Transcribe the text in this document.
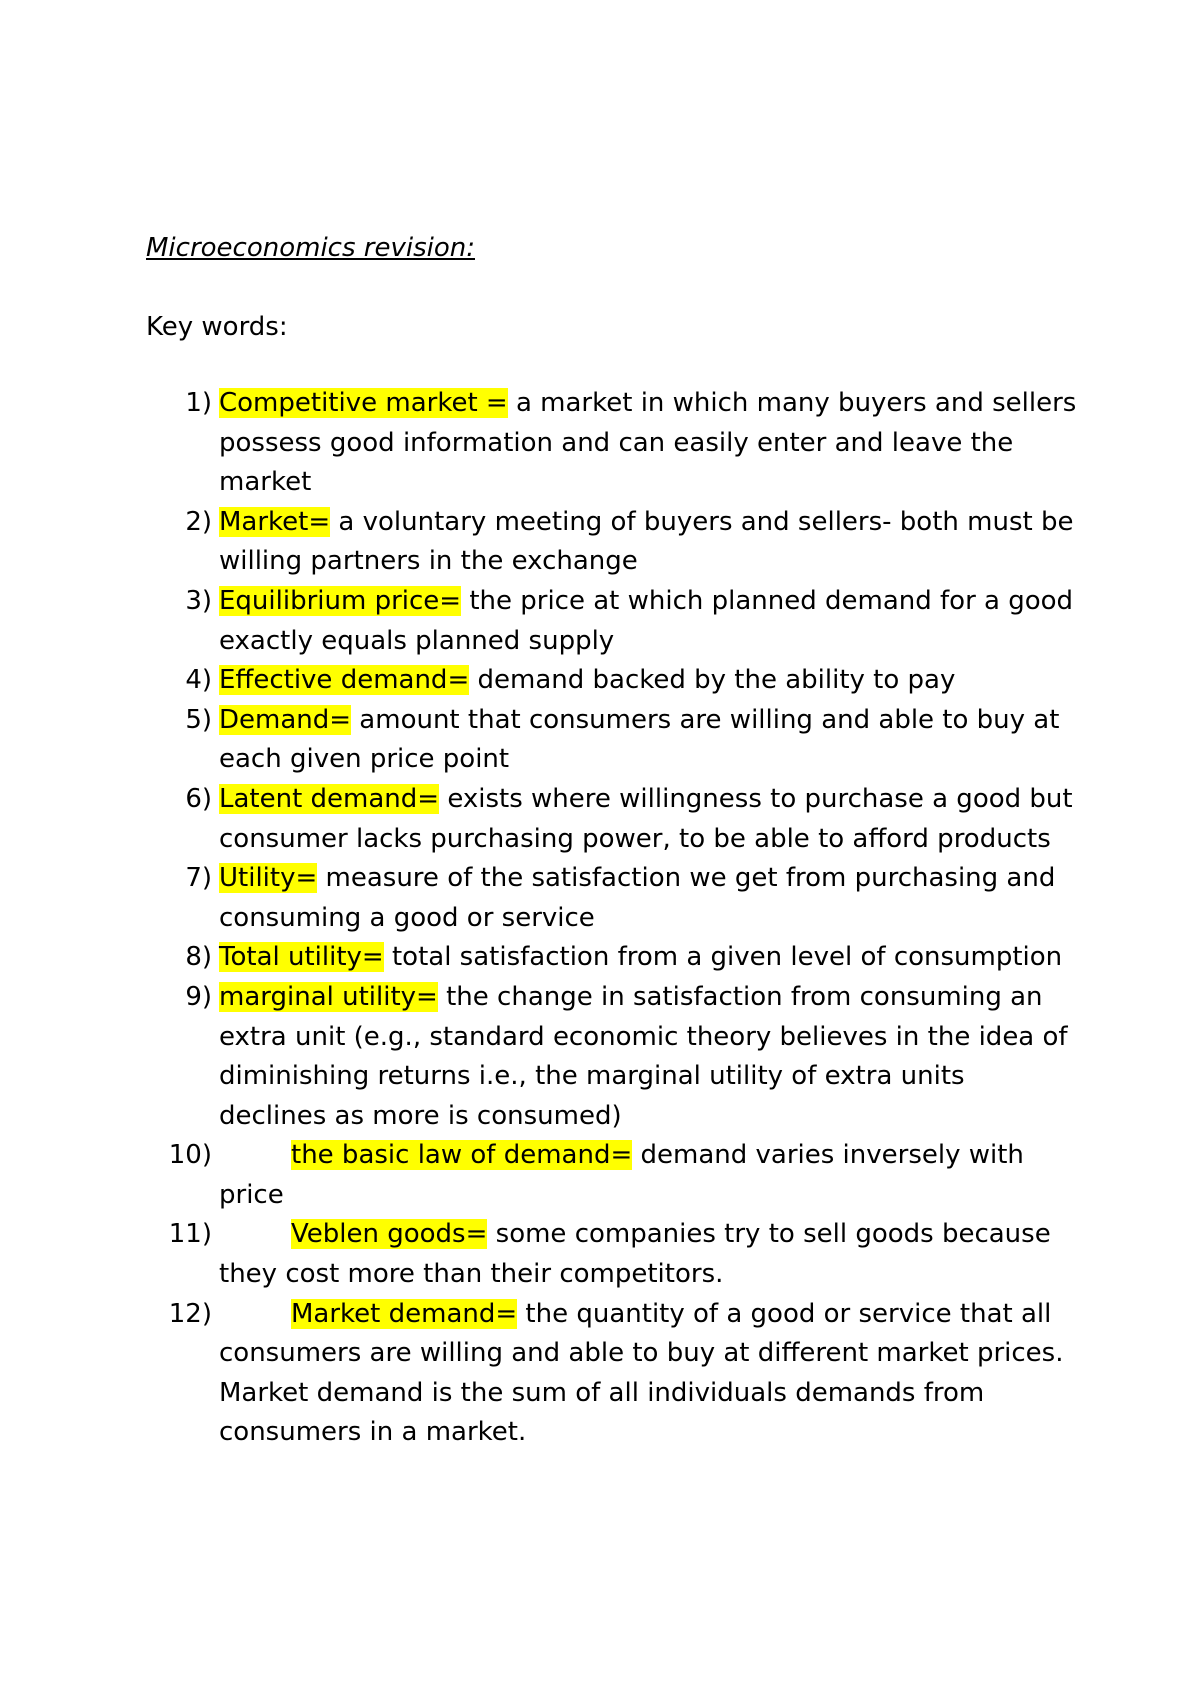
Microeconomics revision:
Key words:
1) Competitive market = a market in which many buyers and sellers possess good information and can easily enter and leave the market
2) Market= a voluntary meeting of buyers and sellers- both must be willing partners in the exchange
3) Equilibrium price= the price at which planned demand for a good exactly equals planned supply
4) Effective demand= demand backed by the ability to pay
5) Demand= amount that consumers are willing and able to buy at each given price point
6) Latent demand= exists where willingness to purchase a good but consumer lacks purchasing power, to be able to afford products
7) Utility= measure of the satisfaction we get from purchasing and consuming a good or service
8) Total utility= total satisfaction from a given level of consumption
9) marginal utility= the change in satisfaction from consuming an extra unit (e.g., standard economic theory believes in the idea of diminishing returns i.e., the marginal utility of extra units declines as more is consumed)
10)	the basic law of demand= demand varies inversely with price
11)	Veblen goods= some companies try to sell goods because they cost more than their competitors.
12)	Market demand= the quantity of a good or service that all consumers are willing and able to buy at different market prices. Market demand is the sum of all individuals demands from consumers in a market.
